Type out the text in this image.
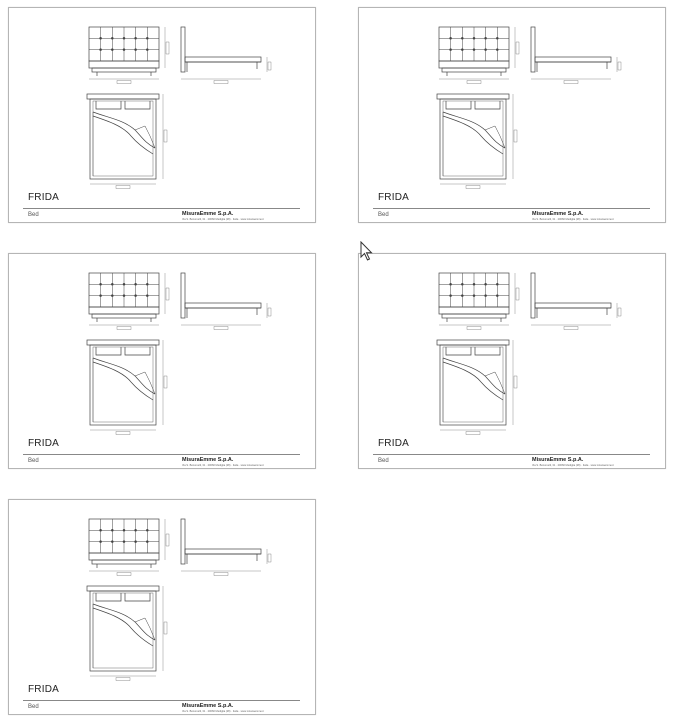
FRIDA
Bed	MisuraEmme S.p.A.
Via S. Bonomelli, 31 · 20060 Mediglia (MI) · Italia · www.misuraemme.it
FRIDA
Bed	MisuraEmme S.p.A.
Via S. Bonomelli, 31 · 20060 Mediglia (MI) · Italia · www.misuraemme.it
FRIDA
Bed	MisuraEmme S.p.A.
Via S. Bonomelli, 31 · 20060 Mediglia (MI) · Italia · www.misuraemme.it
FRIDA
Bed	MisuraEmme S.p.A.
Via S. Bonomelli, 31 · 20060 Mediglia (MI) · Italia · www.misuraemme.it
FRIDA
Bed	MisuraEmme S.p.A.
Via S. Bonomelli, 31 · 20060 Mediglia (MI) · Italia · www.misuraemme.it
